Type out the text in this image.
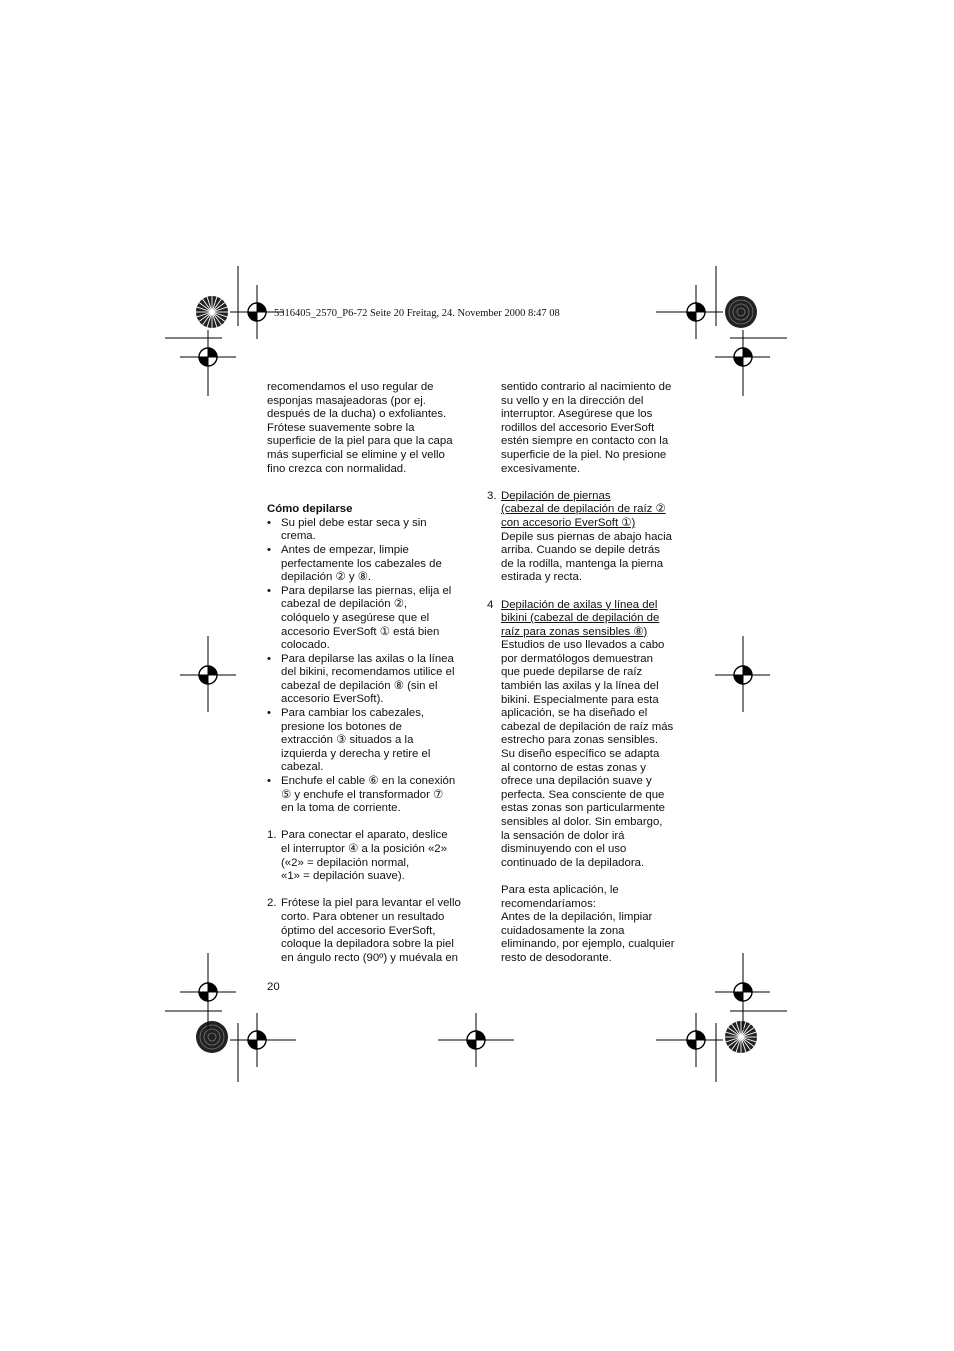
5316405_2570_P6-72 Seite 20 Freitag, 24. November 2000 8:47 08

recomendamos el uso regular de

esponjas masajeadoras (por ej.

después de la ducha) o exfoliantes.

Frótese suavemente sobre la

superficie de la piel para que la capa

más superficial se elimine y el vello

fino crezca con normalidad.

Cómo depilarse

• Su piel debe estar seca y sin
crema.
• Antes de empezar, limpie
perfectamente los cabezales de
depilación ② y ⑧.
• Para depilarse las piernas, elija el
cabezal de depilación ②,
colóquelo y asegúrese que el
accesorio EverSoft ① está bien
colocado.
• Para depilarse las axilas o la línea
del bikini, recomendamos utilice el
cabezal de depilación ⑧ (sin el
accesorio EverSoft).
• Para cambiar los cabezales,
presione los botones de
extracción ③ situados a la
izquierda y derecha y retire el
cabezal.
• Enchufe el cable ⑥ en la conexión
⑤ y enchufe el transformador ⑦
en la toma de corriente.
1. Para conectar el aparato, deslice
el interruptor ④ a la posición «2»
(«2» = depilación normal,
«1» = depilación suave).
2. Frótese la piel para levantar el vello
corto. Para obtener un resultado
óptimo del accesorio EverSoft,
coloque la depiladora sobre la piel
en ángulo recto (90º) y muévala en

sentido contrario al nacimiento de

su vello y en la dirección del

interruptor. Asegúrese que los

rodillos del accesorio EverSoft

estén siempre en contacto con la

superficie de la piel. No presione

excesivamente.

3. Depilación de piernas
(cabezal de depilación de raíz ②
con accesorio EverSoft ①)
Depile sus piernas de abajo hacia
arriba. Cuando se depile detrás
de la rodilla, mantenga la pierna
estirada y recta.
4 Depilación de axilas y línea del
bikini (cabezal de depilación de
raíz para zonas sensibles ⑧)
Estudios de uso llevados a cabo
por dermatólogos demuestran
que puede depilarse de raíz
también las axilas y la línea del
bikini. Especialmente para esta
aplicación, se ha diseñado el
cabezal de depilación de raíz más
estrecho para zonas sensibles.
Su diseño específico se adapta
al contorno de estas zonas y
ofrece una depilación suave y
perfecta. Sea consciente de que
estas zonas son particularmente
sensibles al dolor. Sin embargo,
la sensación de dolor irá
disminuyendo con el uso
continuado de la depiladora.

Para esta aplicación, le

recomendaríamos:

Antes de la depilación, limpiar

cuidadosamente la zona

eliminando, por ejemplo, cualquier

resto de desodorante.

20
